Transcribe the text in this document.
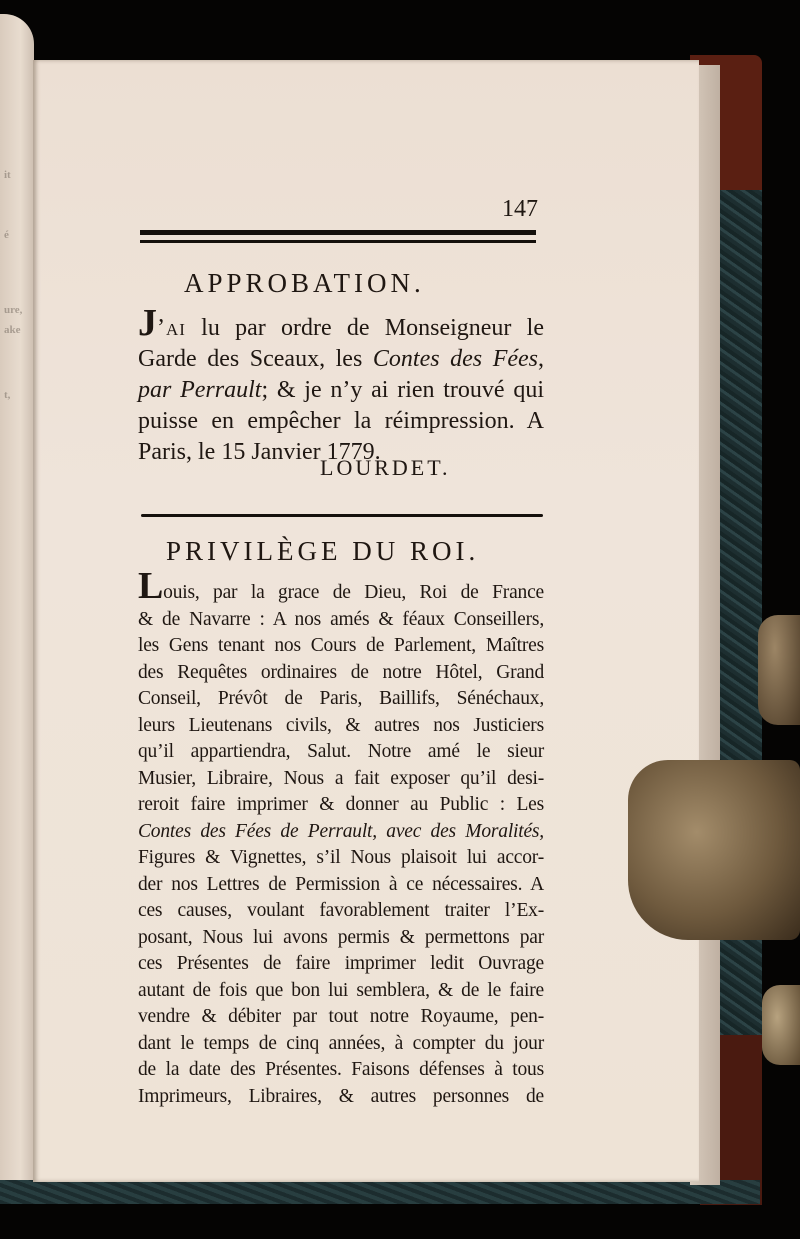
it
é
ure,
ake
t,
147
APPROBATION.
J’ai lu par ordre de Monseigneur le
Garde des Sceaux, les Contes des Fées,
par Perrault; & je n’y ai rien trouvé qui
puisse en empêcher la réimpression. A
Paris, le 15 Janvier 1779.
LOURDET.
PRIVILÈGE DU ROI.
Louis, par la grace de Dieu, Roi de France
& de Navarre : A nos amés & féaux Conseillers,
les Gens tenant nos Cours de Parlement, Maîtres
des Requêtes ordinaires de notre Hôtel, Grand
Conseil, Prévôt de Paris, Baillifs, Sénéchaux,
leurs Lieutenans civils, & autres nos Justiciers
qu’il appartiendra, Salut. Notre amé le sieur
Musier, Libraire, Nous a fait exposer qu’il desi-
reroit faire imprimer & donner au Public : Les
Contes des Fées de Perrault, avec des Moralités,
Figures & Vignettes, s’il Nous plaisoit lui accor-
der nos Lettres de Permission à ce nécessaires. A
ces causes, voulant favorablement traiter l’Ex-
posant, Nous lui avons permis & permettons par
ces Présentes de faire imprimer ledit Ouvrage
autant de fois que bon lui semblera, & de le faire
vendre & débiter par tout notre Royaume, pen-
dant le temps de cinq années, à compter du jour
de la date des Présentes. Faisons défenses à tous
Imprimeurs, Libraires, & autres personnes de
